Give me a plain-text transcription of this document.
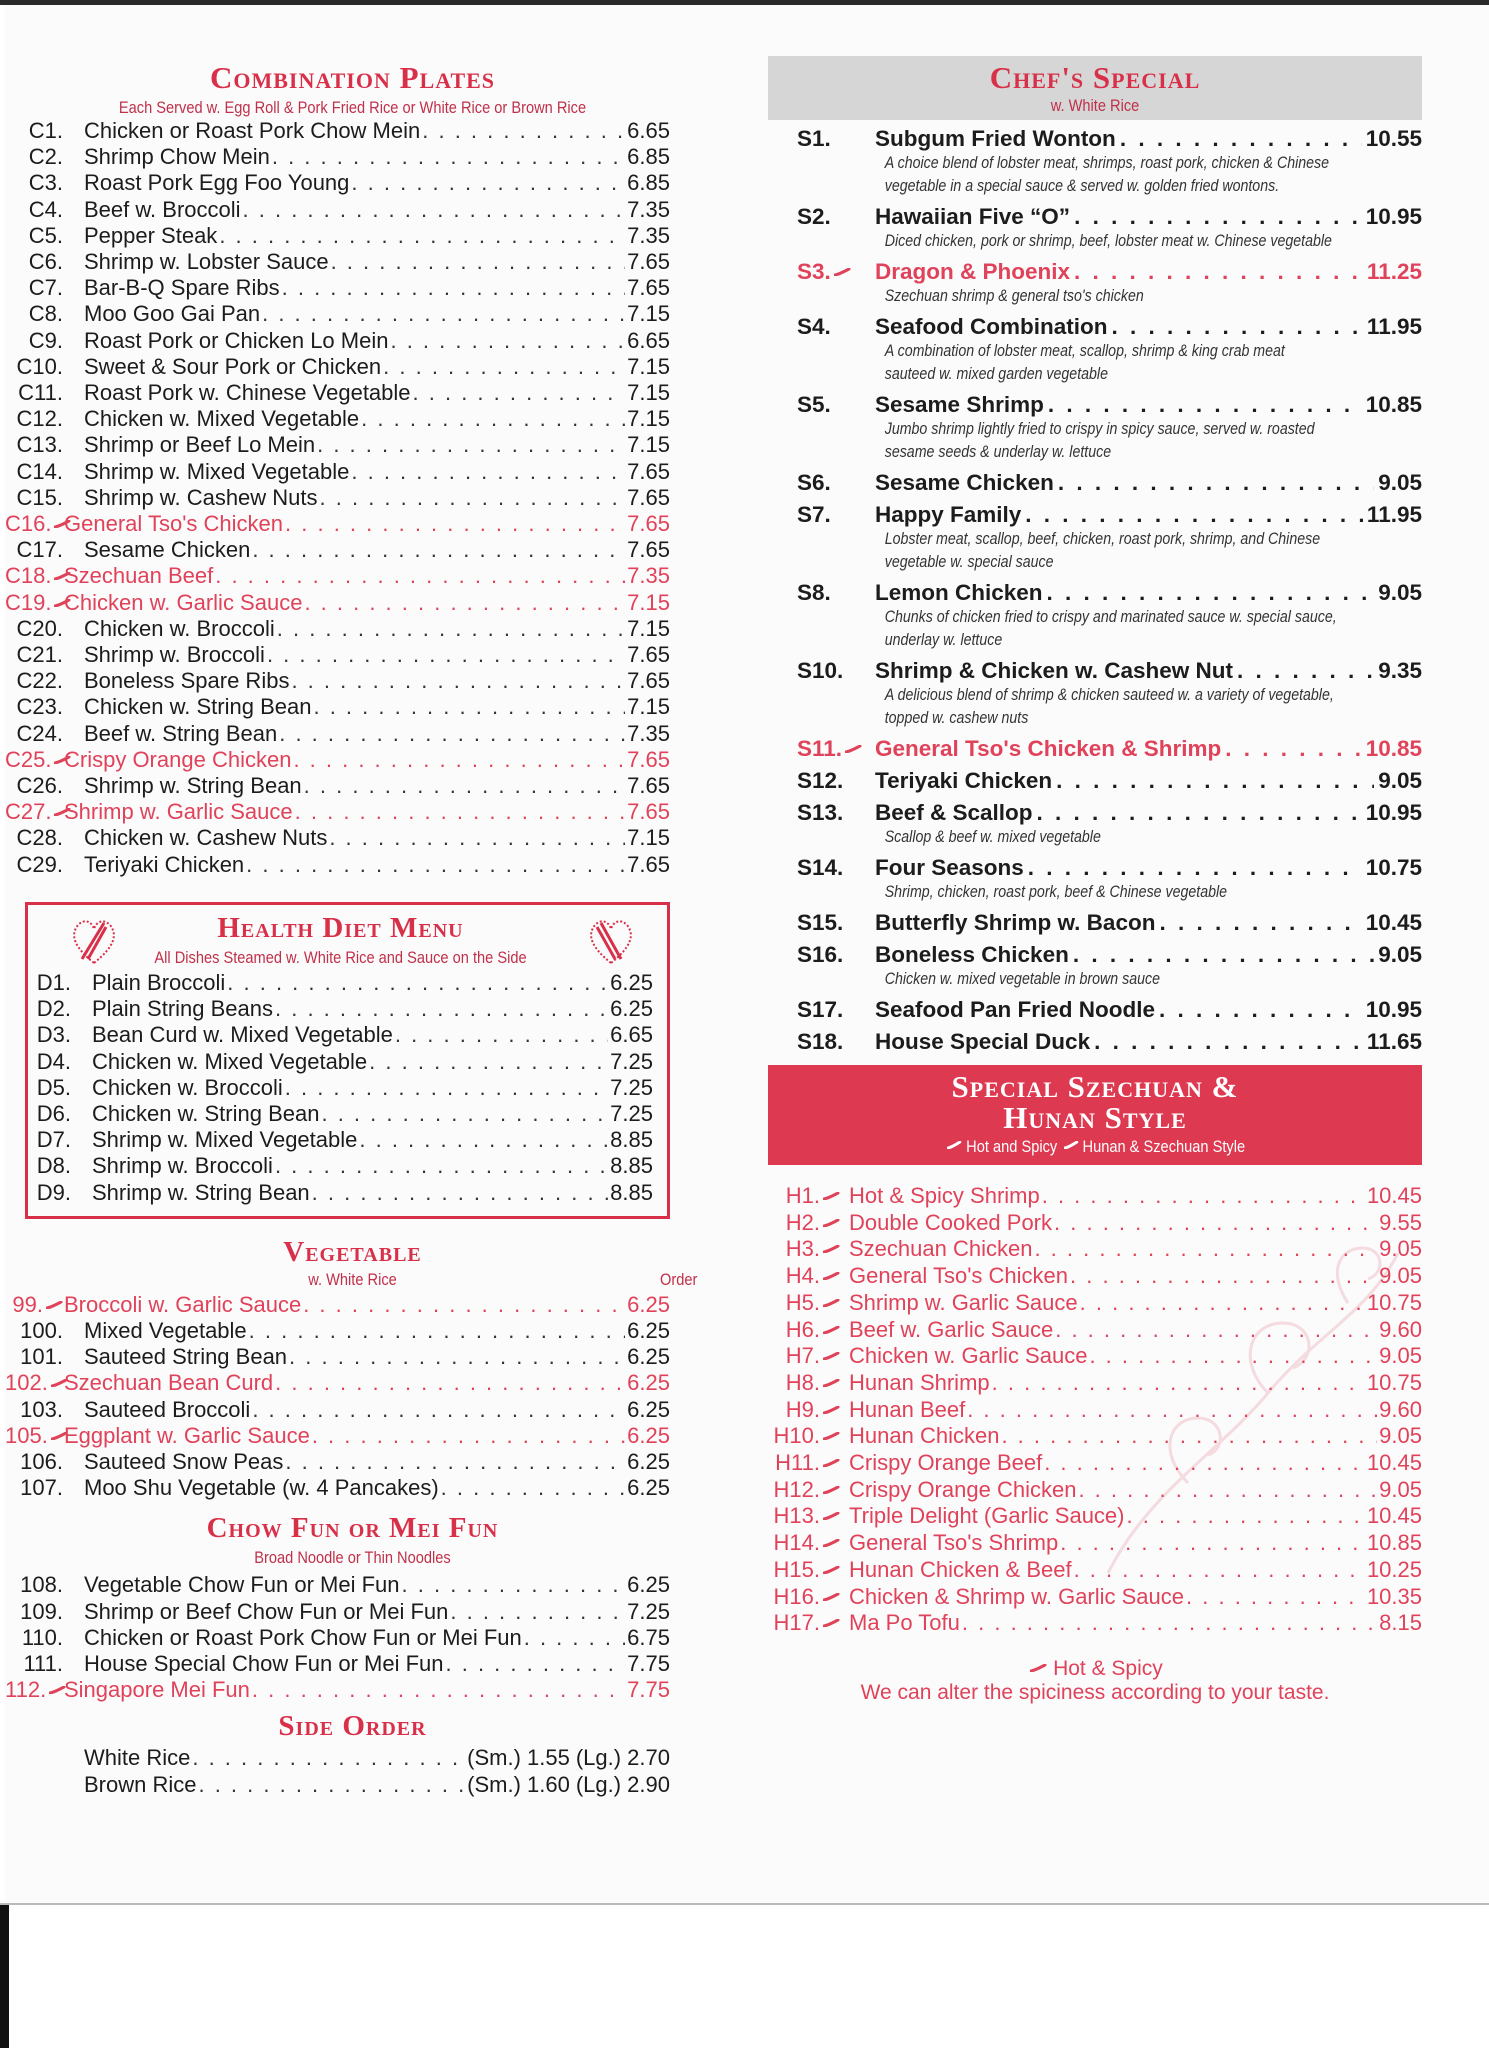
Combination Plates
Each Served w. Egg Roll & Pork Fried Rice or White Rice or Brown Rice
C1. Chicken or Roast Pork Chow Mein . . .	6.65
C2. Shrimp Chow Mein . . .	6.85
C3. Roast Pork Egg Foo Young . . .	6.85
C4. Beef w. Broccoli . . .	7.35
C5. Pepper Steak . . .	7.35
C6. Shrimp w. Lobster Sauce . . .	7.65
C7. Bar-B-Q Spare Ribs . . .	7.65
C8. Moo Goo Gai Pan . . .	7.15
C9. Roast Pork or Chicken Lo Mein . . .	6.65
C10. Sweet & Sour Pork or Chicken . . .	7.15
C11. Roast Pork w. Chinese Vegetable . . .	7.15
C12. Chicken w. Mixed Vegetable . . .	7.15
C13. Shrimp or Beef Lo Mein . . .	7.15
C14. Shrimp w. Mixed Vegetable . . .	7.65
C15. Shrimp w. Cashew Nuts . . .	7.65
C16. General Tso's Chicken . . .	7.65
C17. Sesame Chicken . . .	7.65
C18. Szechuan Beef . . .	7.35
C19. Chicken w. Garlic Sauce . . .	7.15
C20. Chicken w. Broccoli . . .	7.15
C21. Shrimp w. Broccoli . . .	7.65
C22. Boneless Spare Ribs . . .	7.65
C23. Chicken w. String Bean . . .	7.15
C24. Beef w. String Bean . . .	7.35
C25. Crispy Orange Chicken . . .	7.65
C26. Shrimp w. String Bean . . .	7.65
C27. Shrimp w. Garlic Sauce . . .	7.65
C28. Chicken w. Cashew Nuts . . .	7.15
C29. Teriyaki Chicken . . .	7.65
Health Diet Menu
All Dishes Steamed w. White Rice and Sauce on the Side
D1. Plain Broccoli . . .	6.25
D2. Plain String Beans . . .	6.25
D3. Bean Curd w. Mixed Vegetable . . .	6.65
D4. Chicken w. Mixed Vegetable . . .	7.25
D5. Chicken w. Broccoli . . .	7.25
D6. Chicken w. String Bean . . .	7.25
D7. Shrimp w. Mixed Vegetable . . .	8.85
D8. Shrimp w. Broccoli . . .	8.85
D9. Shrimp w. String Bean . . .	8.85
Vegetable
w. White Rice	Order
99. Broccoli w. Garlic Sauce . . .	6.25
100. Mixed Vegetable . . .	6.25
101. Sauteed String Bean . . .	6.25
102. Szechuan Bean Curd . . .	6.25
103. Sauteed Broccoli . . .	6.25
105. Eggplant w. Garlic Sauce . . .	6.25
106. Sauteed Snow Peas . . .	6.25
107. Moo Shu Vegetable (w. 4 Pancakes) . . .	6.25
Chow Fun or Mei Fun
Broad Noodle or Thin Noodles
108. Vegetable Chow Fun or Mei Fun . . .	6.25
109. Shrimp or Beef Chow Fun or Mei Fun . . .	7.25
110. Chicken or Roast Pork Chow Fun or Mei Fun . . .	6.75
111. House Special Chow Fun or Mei Fun . . .	7.75
112. Singapore Mei Fun . . .	7.75
Side Order
White Rice . . .	(Sm.) 1.55 (Lg.) 2.70
Brown Rice . . .	(Sm.) 1.60 (Lg.) 2.90
Chef's Special
w. White Rice
S1.	Subgum Fried Wonton . . .	10.55
A choice blend of lobster meat, shrimps, roast pork, chicken & Chinese
vegetable in a special sauce & served w. golden fried wontons.
S2.	Hawaiian Five “O” . . .	10.95
Diced chicken, pork or shrimp, beef, lobster meat w. Chinese vegetable
S3.	Dragon & Phoenix . . .	11.25
Szechuan shrimp & general tso's chicken
S4.	Seafood Combination . . .	11.95
A combination of lobster meat, scallop, shrimp & king crab meat
sauteed w. mixed garden vegetable
S5.	Sesame Shrimp . . .	10.85
Jumbo shrimp lightly fried to crispy in spicy sauce, served w. roasted
sesame seeds & underlay w. lettuce
S6.	Sesame Chicken . . .	9.05
S7.	Happy Family . . .	11.95
Lobster meat, scallop, beef, chicken, roast pork, shrimp, and Chinese
vegetable w. special sauce
S8.	Lemon Chicken . . .	9.05
Chunks of chicken fried to crispy and marinated sauce w. special sauce,
underlay w. lettuce
S10.	Shrimp & Chicken w. Cashew Nut . . .	9.35
A delicious blend of shrimp & chicken sauteed w. a variety of vegetable,
topped w. cashew nuts
S11.	General Tso's Chicken & Shrimp . . .	10.85
S12.	Teriyaki Chicken . . .	9.05
S13.	Beef & Scallop . . .	10.95
Scallop & beef w. mixed vegetable
S14.	Four Seasons . . .	10.75
Shrimp, chicken, roast pork, beef & Chinese vegetable
S15.	Butterfly Shrimp w. Bacon . . .	10.45
S16.	Boneless Chicken . . .	9.05
Chicken w. mixed vegetable in brown sauce
S17.	Seafood Pan Fried Noodle . . .	10.95
S18.	House Special Duck . . .	11.65
Special Szechuan &
Hunan Style
Hot and Spicy Hunan & Szechuan Style
H1.	Hot & Spicy Shrimp . . .	10.45
H2.	Double Cooked Pork . . .	9.55
H3.	Szechuan Chicken . . .	9.05
H4.	General Tso's Chicken . . .	9.05
H5.	Shrimp w. Garlic Sauce . . .	10.75
H6.	Beef w. Garlic Sauce . . .	9.60
H7.	Chicken w. Garlic Sauce . . .	9.05
H8.	Hunan Shrimp . . .	10.75
H9.	Hunan Beef . . .	9.60
H10.	Hunan Chicken . . .	9.05
H11.	Crispy Orange Beef . . .	10.45
H12.	Crispy Orange Chicken . . .	9.05
H13.	Triple Delight (Garlic Sauce) . . .	10.45
H14.	General Tso's Shrimp . . .	10.85
H15.	Hunan Chicken & Beef . . .	10.25
H16.	Chicken & Shrimp w. Garlic Sauce . . .	10.35
H17.	Ma Po Tofu . . .	8.15
Hot & Spicy
We can alter the spiciness according to your taste.
